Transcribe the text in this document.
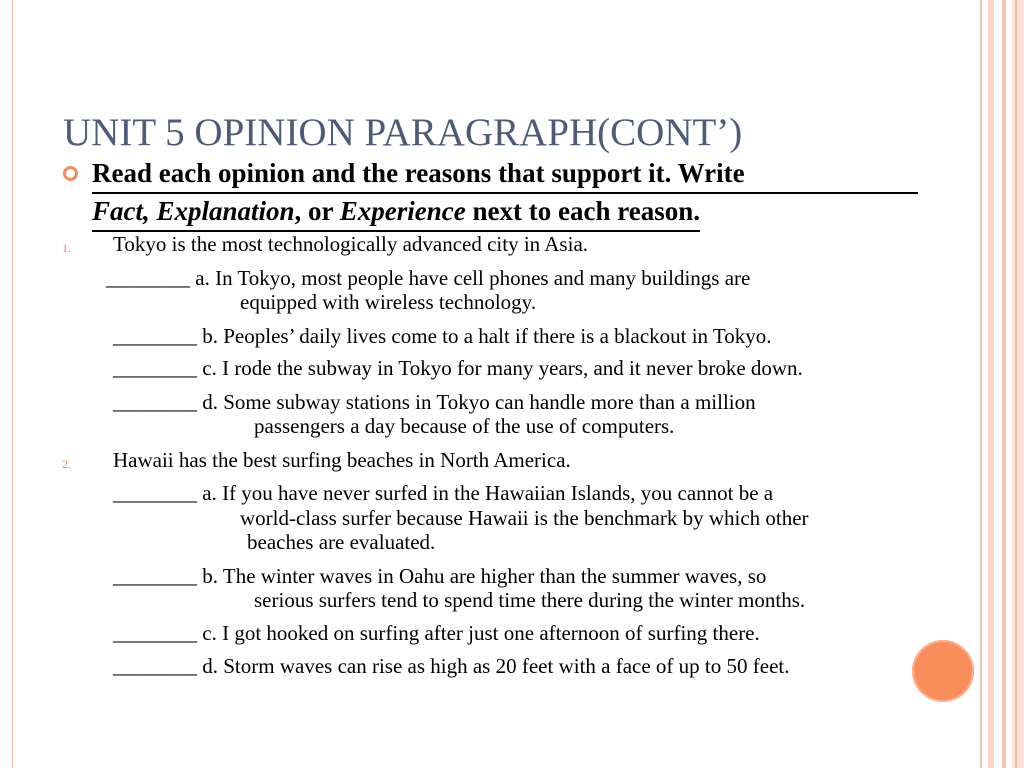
UNIT 5 OPINION PARAGRAPH(CONT’)
Read each opinion and the reasons that support it. Write
Fact, Explanation, or Experience next to each reason.
1. Tokyo is the most technologically advanced city in Asia.
________ a. In Tokyo, most people have cell phones and many buildings are
equipped with wireless technology.
________ b. Peoples’ daily lives come to a halt if there is a blackout in Tokyo.
________ c. I rode the subway in Tokyo for many years, and it never broke down.
________ d. Some subway stations in Tokyo can handle more than a million
passengers a day because of the use of computers.
2. Hawaii has the best surfing beaches in North America.
________ a. If you have never surfed in the Hawaiian Islands, you cannot be a
world-class surfer because Hawaii is the benchmark by which other
beaches are evaluated.
________ b. The winter waves in Oahu are higher than the summer waves, so
serious surfers tend to spend time there during the winter months.
________ c. I got hooked on surfing after just one afternoon of surfing there.
________ d. Storm waves can rise as high as 20 feet with a face of up to 50 feet.
